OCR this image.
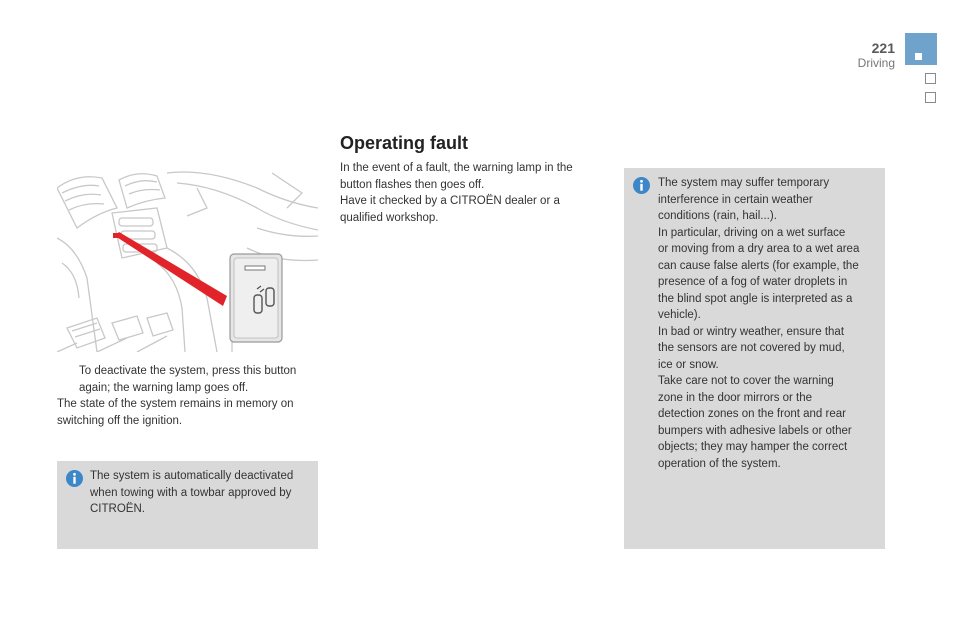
221
Driving
To deactivate the system, press this button again; the warning lamp goes off.

The state of the system remains in memory on switching off the ignition.

The system is automatically deactivated when towing with a towbar approved by CITROËN.

Operating fault

In the event of a fault, the warning lamp in the button flashes then goes off.

Have it checked by a CITROËN dealer or a qualified workshop.

The system may suffer temporary
interference in certain weather
conditions (rain, hail...).
In particular, driving on a wet surface
or moving from a dry area to a wet area
can cause false alerts (for example, the
presence of a fog of water droplets in
the blind spot angle is interpreted as a
vehicle).
In bad or wintry weather, ensure that
the sensors are not covered by mud,
ice or snow.
Take care not to cover the warning
zone in the door mirrors or the
detection zones on the front and rear
bumpers with adhesive labels or other
objects; they may hamper the correct
operation of the system.
